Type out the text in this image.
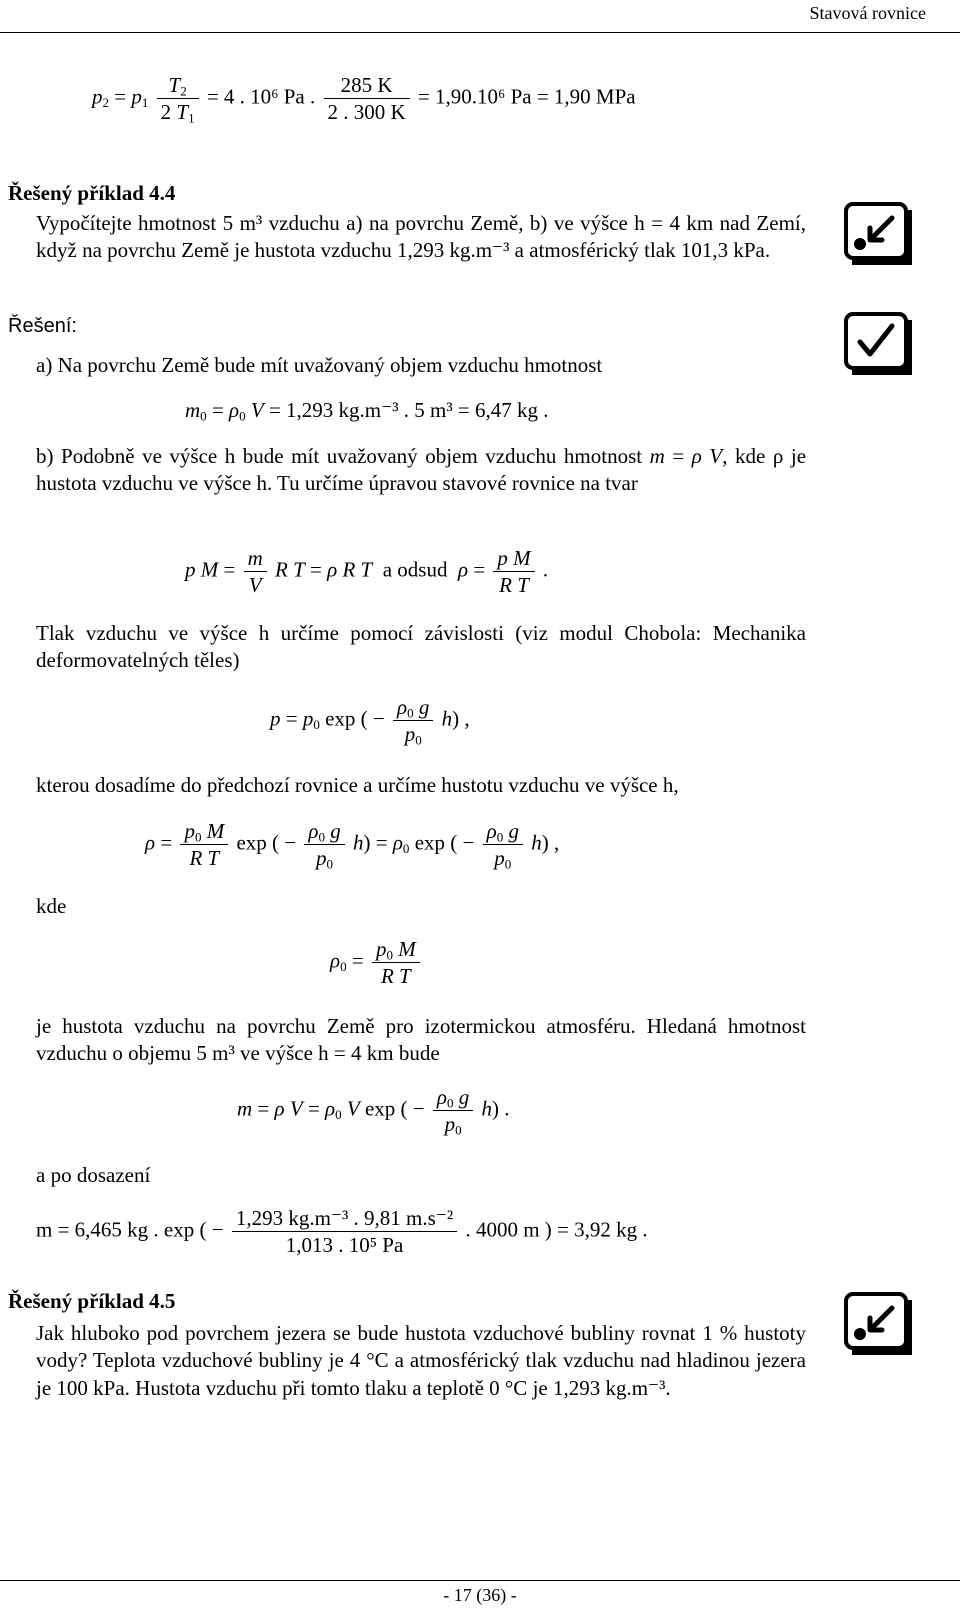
Stavová rovnice
$p_2 = p_1 \frac{T_2}{2 T_1} = 4$ . 10⁶ Pa . $\frac{285 K}{2 . 300 K} = 1,90.10^6$ Pa = 1,90 MPa
Řešený příklad 4.4
Vypočítejte hmotnost 5 m³ vzduchu a) na povrchu Země, b) ve výšce h = 4 km nad Zemí, když na povrchu Země je hustota vzduchu 1,293 kg.m⁻³ a atmosférický tlak 101,3 kPa.
Řešení:
a) Na povrchu Země bude mít uvažovaný objem vzduchu hmotnost
$m_0 = \rho_0$ V = 1,293 kg.m⁻³ . 5 m³ = 6,47 kg .
b) Podobně ve výšce h bude mít uvažovaný objem vzduchu hmotnost m = ρ V, kde ρ je hustota vzduchu ve výšce h. Tu určíme úpravou stavové rovnice na tvar
p $M = \frac{m}{V}$ R T = ρ R T a odsud $\rho = \frac{\text{p M}}{\text{R T}}$ .
Tlak vzduchu ve výšce h určíme pomocí závislosti (viz modul Chobola: Mechanika deformovatelných těles)
$p = p_0$ exp ( − $\frac{\rho_0 g}{p_0} h$) ,
kterou dosadíme do předchozí rovnice a určíme hustotu vzduchu ve výšce h,
$\rho = \frac{p_0 M}{\text{R T}}$ exp ( − $\frac{\rho_0 g}{p_0} h) = \rho_0$ exp ( − $\frac{\rho_0 g}{p_0} h$) ,
kde
$\rho_0 = \frac{p_0 M}{\text{R T}}$
je hustota vzduchu na povrchu Země pro izotermickou atmosféru. Hledaná hmotnost vzduchu o objemu 5 m³ ve výšce h = 4 km bude
m = ρ $V = \rho_0$ V exp ( − $\frac{\rho_0 g}{p_0} h$) .
a po dosazení
m = 6,465 kg . exp ( − $\frac{\text{1,293 kg.m⁻³ . 9,81 m.s⁻²}}{\text{1,013 . 10⁵ Pa}}$ . 4000 m ) = 3,92 kg .
Řešený příklad 4.5
Jak hluboko pod povrchem jezera se bude hustota vzduchové bubliny rovnat 1 % hustoty vody? Teplota vzduchové bubliny je 4 °C a atmosférický tlak vzduchu nad hladinou jezera je 100 kPa. Hustota vzduchu při tomto tlaku a teplotě 0 °C je 1,293 kg.m⁻³.
- 17 (36) -
